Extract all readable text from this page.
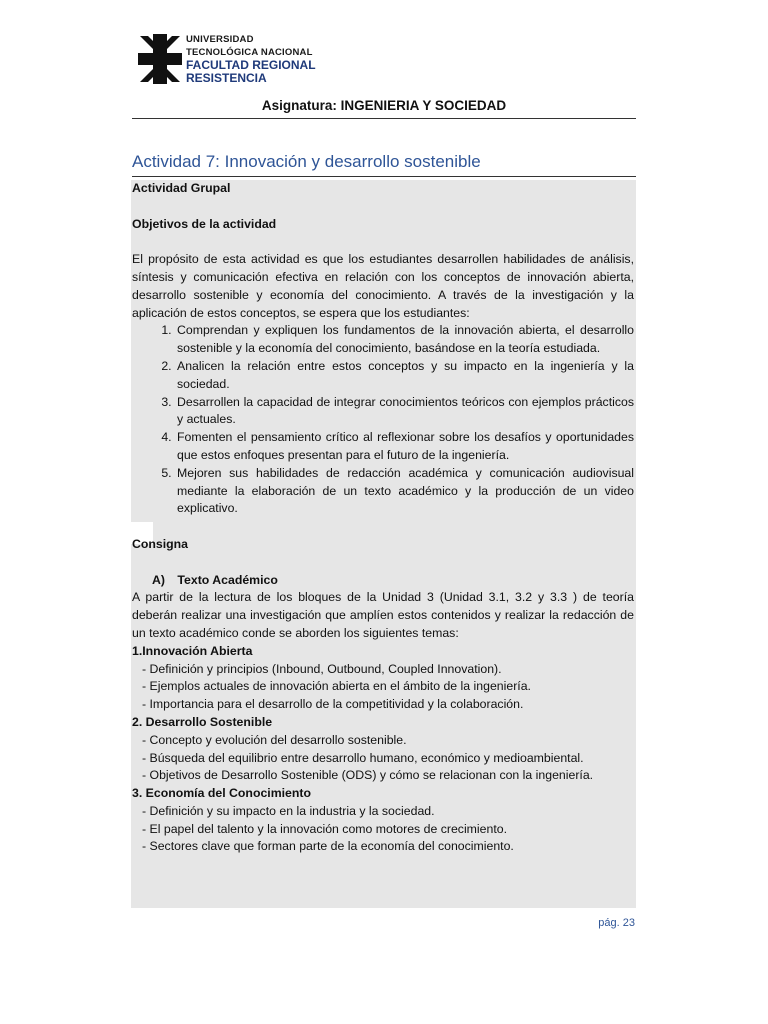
UNIVERSIDAD
TECNOLÓGICA NACIONAL
FACULTAD REGIONAL
RESISTENCIA
Asignatura: INGENIERIA Y SOCIEDAD
Actividad 7: Innovación y desarrollo sostenible

Actividad Grupal

Objetivos de la actividad

El propósito de esta actividad es que los estudiantes desarrollen habilidades de análisis, síntesis y comunicación efectiva en relación con los conceptos de innovación abierta, desarrollo sostenible y economía del conocimiento. A través de la investigación y la aplicación de estos conceptos, se espera que los estudiantes:

1. Comprendan y expliquen los fundamentos de la innovación abierta, el desarrollo sostenible y la economía del conocimiento, basándose en la teoría estudiada.
2. Analicen la relación entre estos conceptos y su impacto en la ingeniería y la sociedad.
3. Desarrollen la capacidad de integrar conocimientos teóricos con ejemplos prácticos y actuales.
4. Fomenten el pensamiento crítico al reflexionar sobre los desafíos y oportunidades que estos enfoques presentan para el futuro de la ingeniería.
5. Mejoren sus habilidades de redacción académica y comunicación audiovisual mediante la elaboración de un texto académico y la producción de un video explicativo.

Consigna

A) Texto Académico

A partir de la lectura de los bloques de la Unidad 3 (Unidad 3.1, 3.2 y 3.3 ) de teoría deberán realizar una investigación que amplíen estos contenidos y realizar la redacción de un texto académico conde se aborden los siguientes temas:

1.Innovación Abierta

- Definición y principios (Inbound, Outbound, Coupled Innovation).

- Ejemplos actuales de innovación abierta en el ámbito de la ingeniería.

- Importancia para el desarrollo de la competitividad y la colaboración.

2. Desarrollo Sostenible

- Concepto y evolución del desarrollo sostenible.

- Búsqueda del equilibrio entre desarrollo humano, económico y medioambiental.

- Objetivos de Desarrollo Sostenible (ODS) y cómo se relacionan con la ingeniería.

3. Economía del Conocimiento

- Definición y su impacto en la industria y la sociedad.

- El papel del talento y la innovación como motores de crecimiento.

- Sectores clave que forman parte de la economía del conocimiento.

pág. 23
